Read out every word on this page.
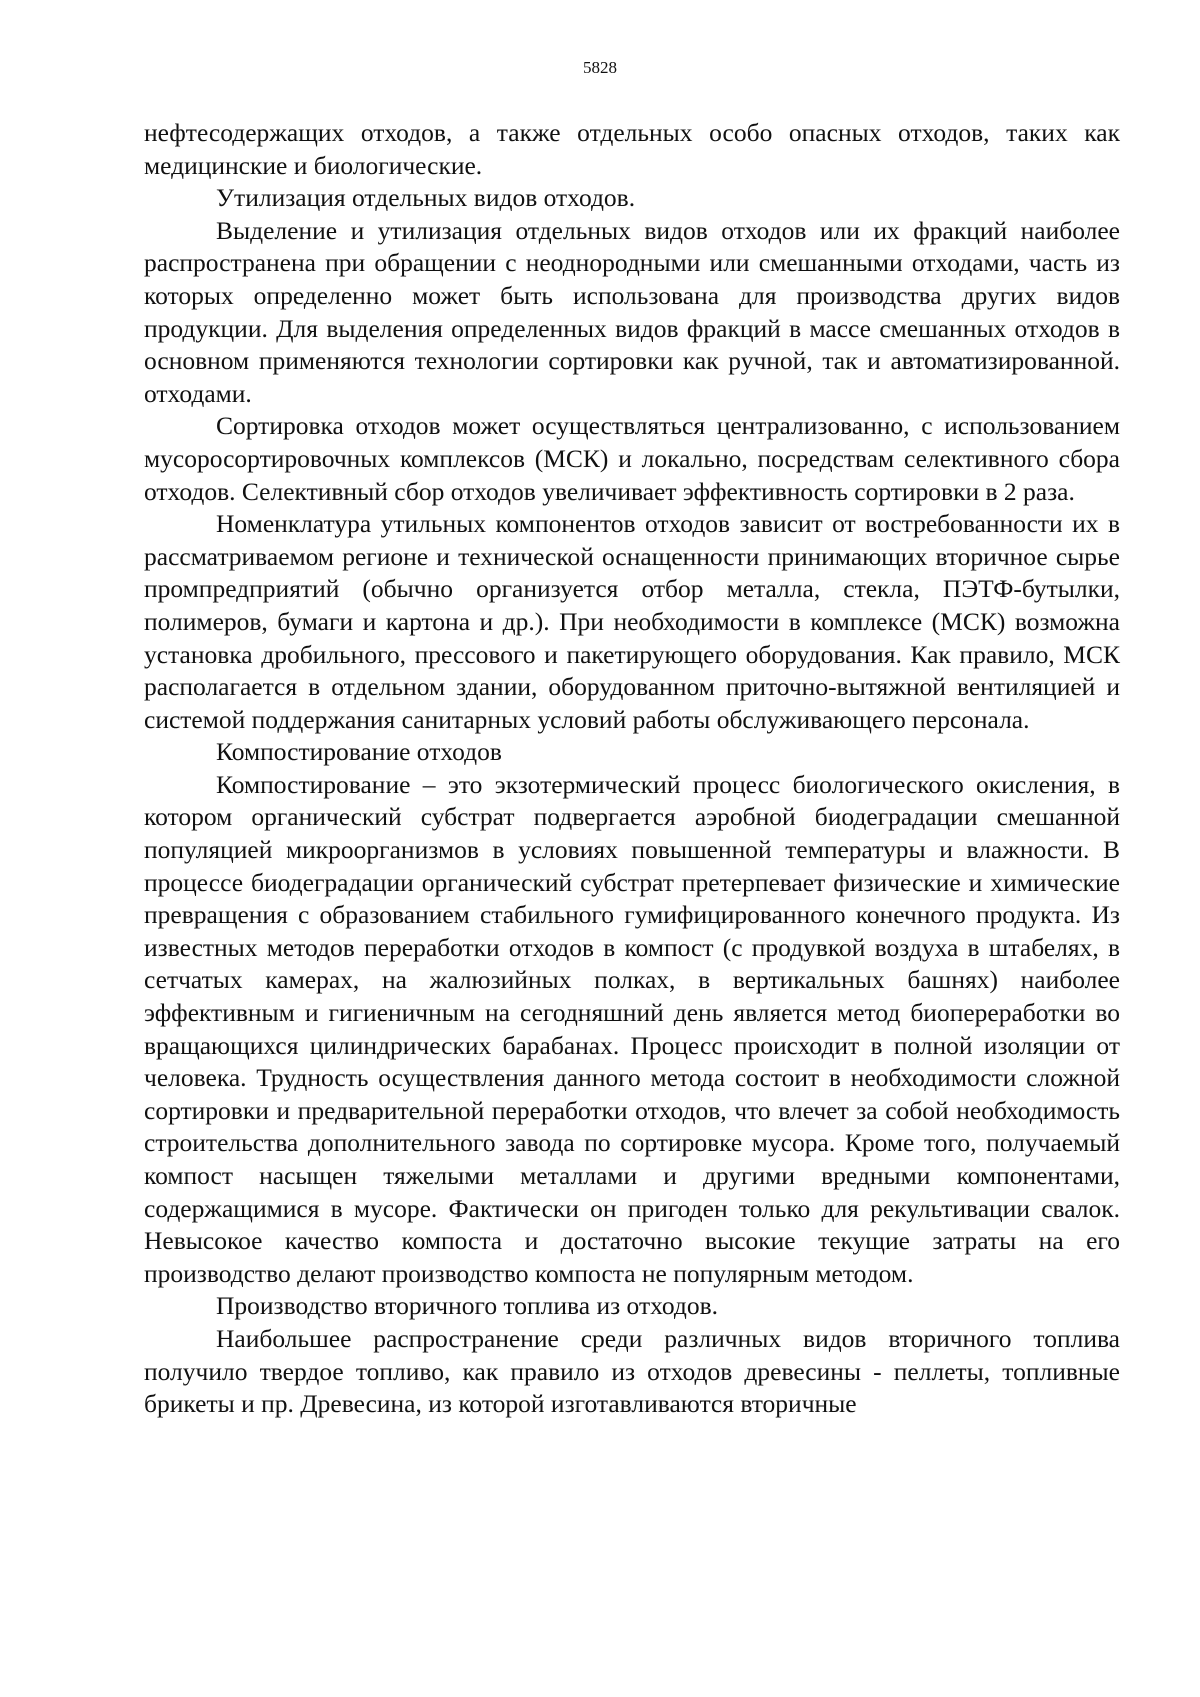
5828

нефтесодержащих отходов, а также отдельных особо опасных отходов, таких как медицинские и биологические.

Утилизация отдельных видов отходов.

Выделение и утилизация отдельных видов отходов или их фракций наиболее распространена при обращении с неоднородными или смешанными отходами, часть из которых определенно может быть использована для производства других видов продукции. Для выделения определенных видов фракций в массе смешанных отходов в основном применяются технологии сортировки как ручной, так и автоматизированной. отходами.

Сортировка отходов может осуществляться централизованно, с использованием мусоросортировочных комплексов (МСК) и локально, посредствам селективного сбора отходов. Селективный сбор отходов увеличивает эффективность сортировки в 2 раза.

Номенклатура утильных компонентов отходов зависит от востребованности их в рассматриваемом регионе и технической оснащенности принимающих вторичное сырье промпредприятий (обычно организуется отбор металла, стекла, ПЭТФ-бутылки, полимеров, бумаги и картона и др.). При необходимости в комплексе (МСК) возможна установка дробильного, прессового и пакетирующего оборудования. Как правило, МСК располагается в отдельном здании, оборудованном приточно-вытяжной вентиляцией и системой поддержания санитарных условий работы обслуживающего персонала.

Компостирование отходов

Компостирование – это экзотермический процесс биологического окисления, в котором органический субстрат подвергается аэробной биодеградации смешанной популяцией микроорганизмов в условиях повышенной температуры и влажности. В процессе биодеградации органический субстрат претерпевает физические и химические превращения с образованием стабильного гумифицированного конечного продукта. Из известных методов переработки отходов в компост (с продувкой воздуха в штабелях, в сетчатых камерах, на жалюзийных полках, в вертикальных башнях) наиболее эффективным и гигиеничным на сегодняшний день является метод биопереработки во вращающихся цилиндрических барабанах. Процесс происходит в полной изоляции от человека. Трудность осуществления данного метода состоит в необходимости сложной сортировки и предварительной переработки отходов, что влечет за собой необходимость строительства дополнительного завода по сортировке мусора. Кроме того, получаемый компост насыщен тяжелыми металлами и другими вредными компонентами, содержащимися в мусоре. Фактически он пригоден только для рекультивации свалок. Невысокое качество компоста и достаточно высокие текущие затраты на его производство делают производство компоста не популярным методом.

Производство вторичного топлива из отходов.

Наибольшее распространение среди различных видов вторичного топлива получило твердое топливо, как правило из отходов древесины - пеллеты, топливные брикеты и пр. Древесина, из которой изготавливаются вторичные
